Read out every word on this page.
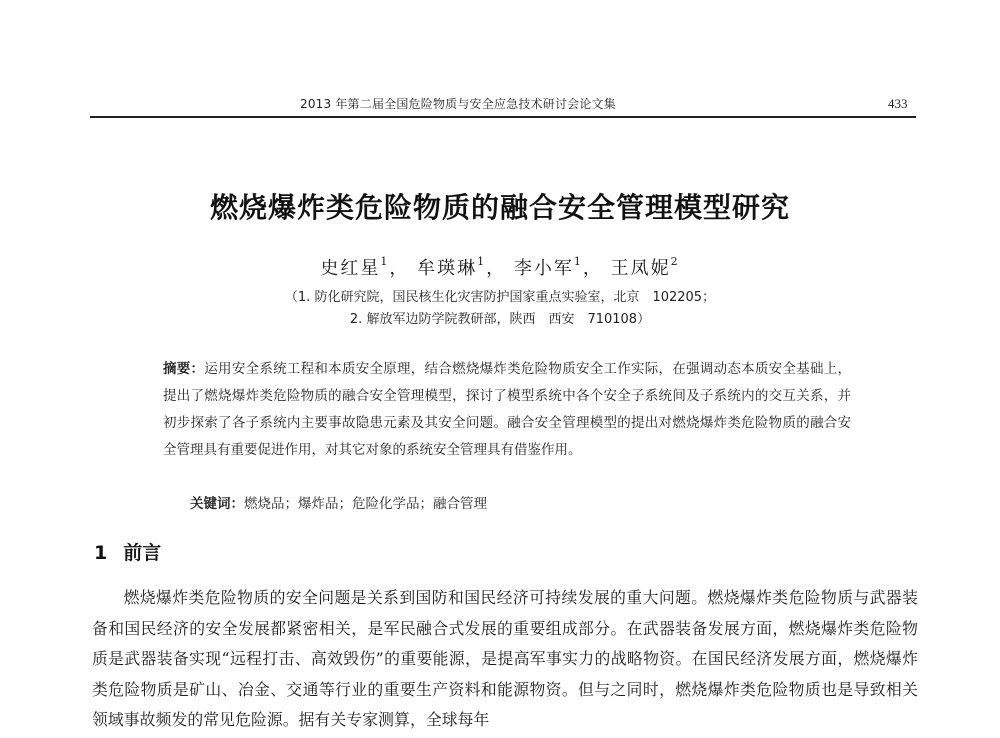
2013 年第二届全国危险物质与安全应急技术研讨会论文集	433
燃烧爆炸类危险物质的融合安全管理模型研究
史红星$^1$， 牟瑛琳$^1$， 李小军$^1$， 王凤妮$^2$
（1. 防化研究院，国民核生化灾害防护国家重点实验室，北京　102205；
2. 解放军边防学院教研部，陕西　西安　710108）
摘要：运用安全系统工程和本质安全原理，结合燃烧爆炸类危险物质安全工作实际，在强调动态本质安全基础上，提出了燃烧爆炸类危险物质的融合安全管理模型，探讨了模型系统中各个安全子系统间及子系统内的交互关系，并初步探索了各子系统内主要事故隐患元素及其安全问题。融合安全管理模型的提出对燃烧爆炸类危险物质的融合安全管理具有重要促进作用，对其它对象的系统安全管理具有借鉴作用。
关键词：燃烧品；爆炸品；危险化学品；融合管理
1 前言
燃烧爆炸类危险物质的安全问题是关系到国防和国民经济可持续发展的重大问题。燃烧爆炸类危险物质与武器装备和国民经济的安全发展都紧密相关，是军民融合式发展的重要组成部分。在武器装备发展方面，燃烧爆炸类危险物质是武器装备实现“远程打击、高效毁伤”的重要能源，是提高军事实力的战略物资。在国民经济发展方面，燃烧爆炸类危险物质是矿山、冶金、交通等行业的重要生产资料和能源物资。但与之同时，燃烧爆炸类危险物质也是导致相关领域事故频发的常见危险源。据有关专家测算，全球每年
